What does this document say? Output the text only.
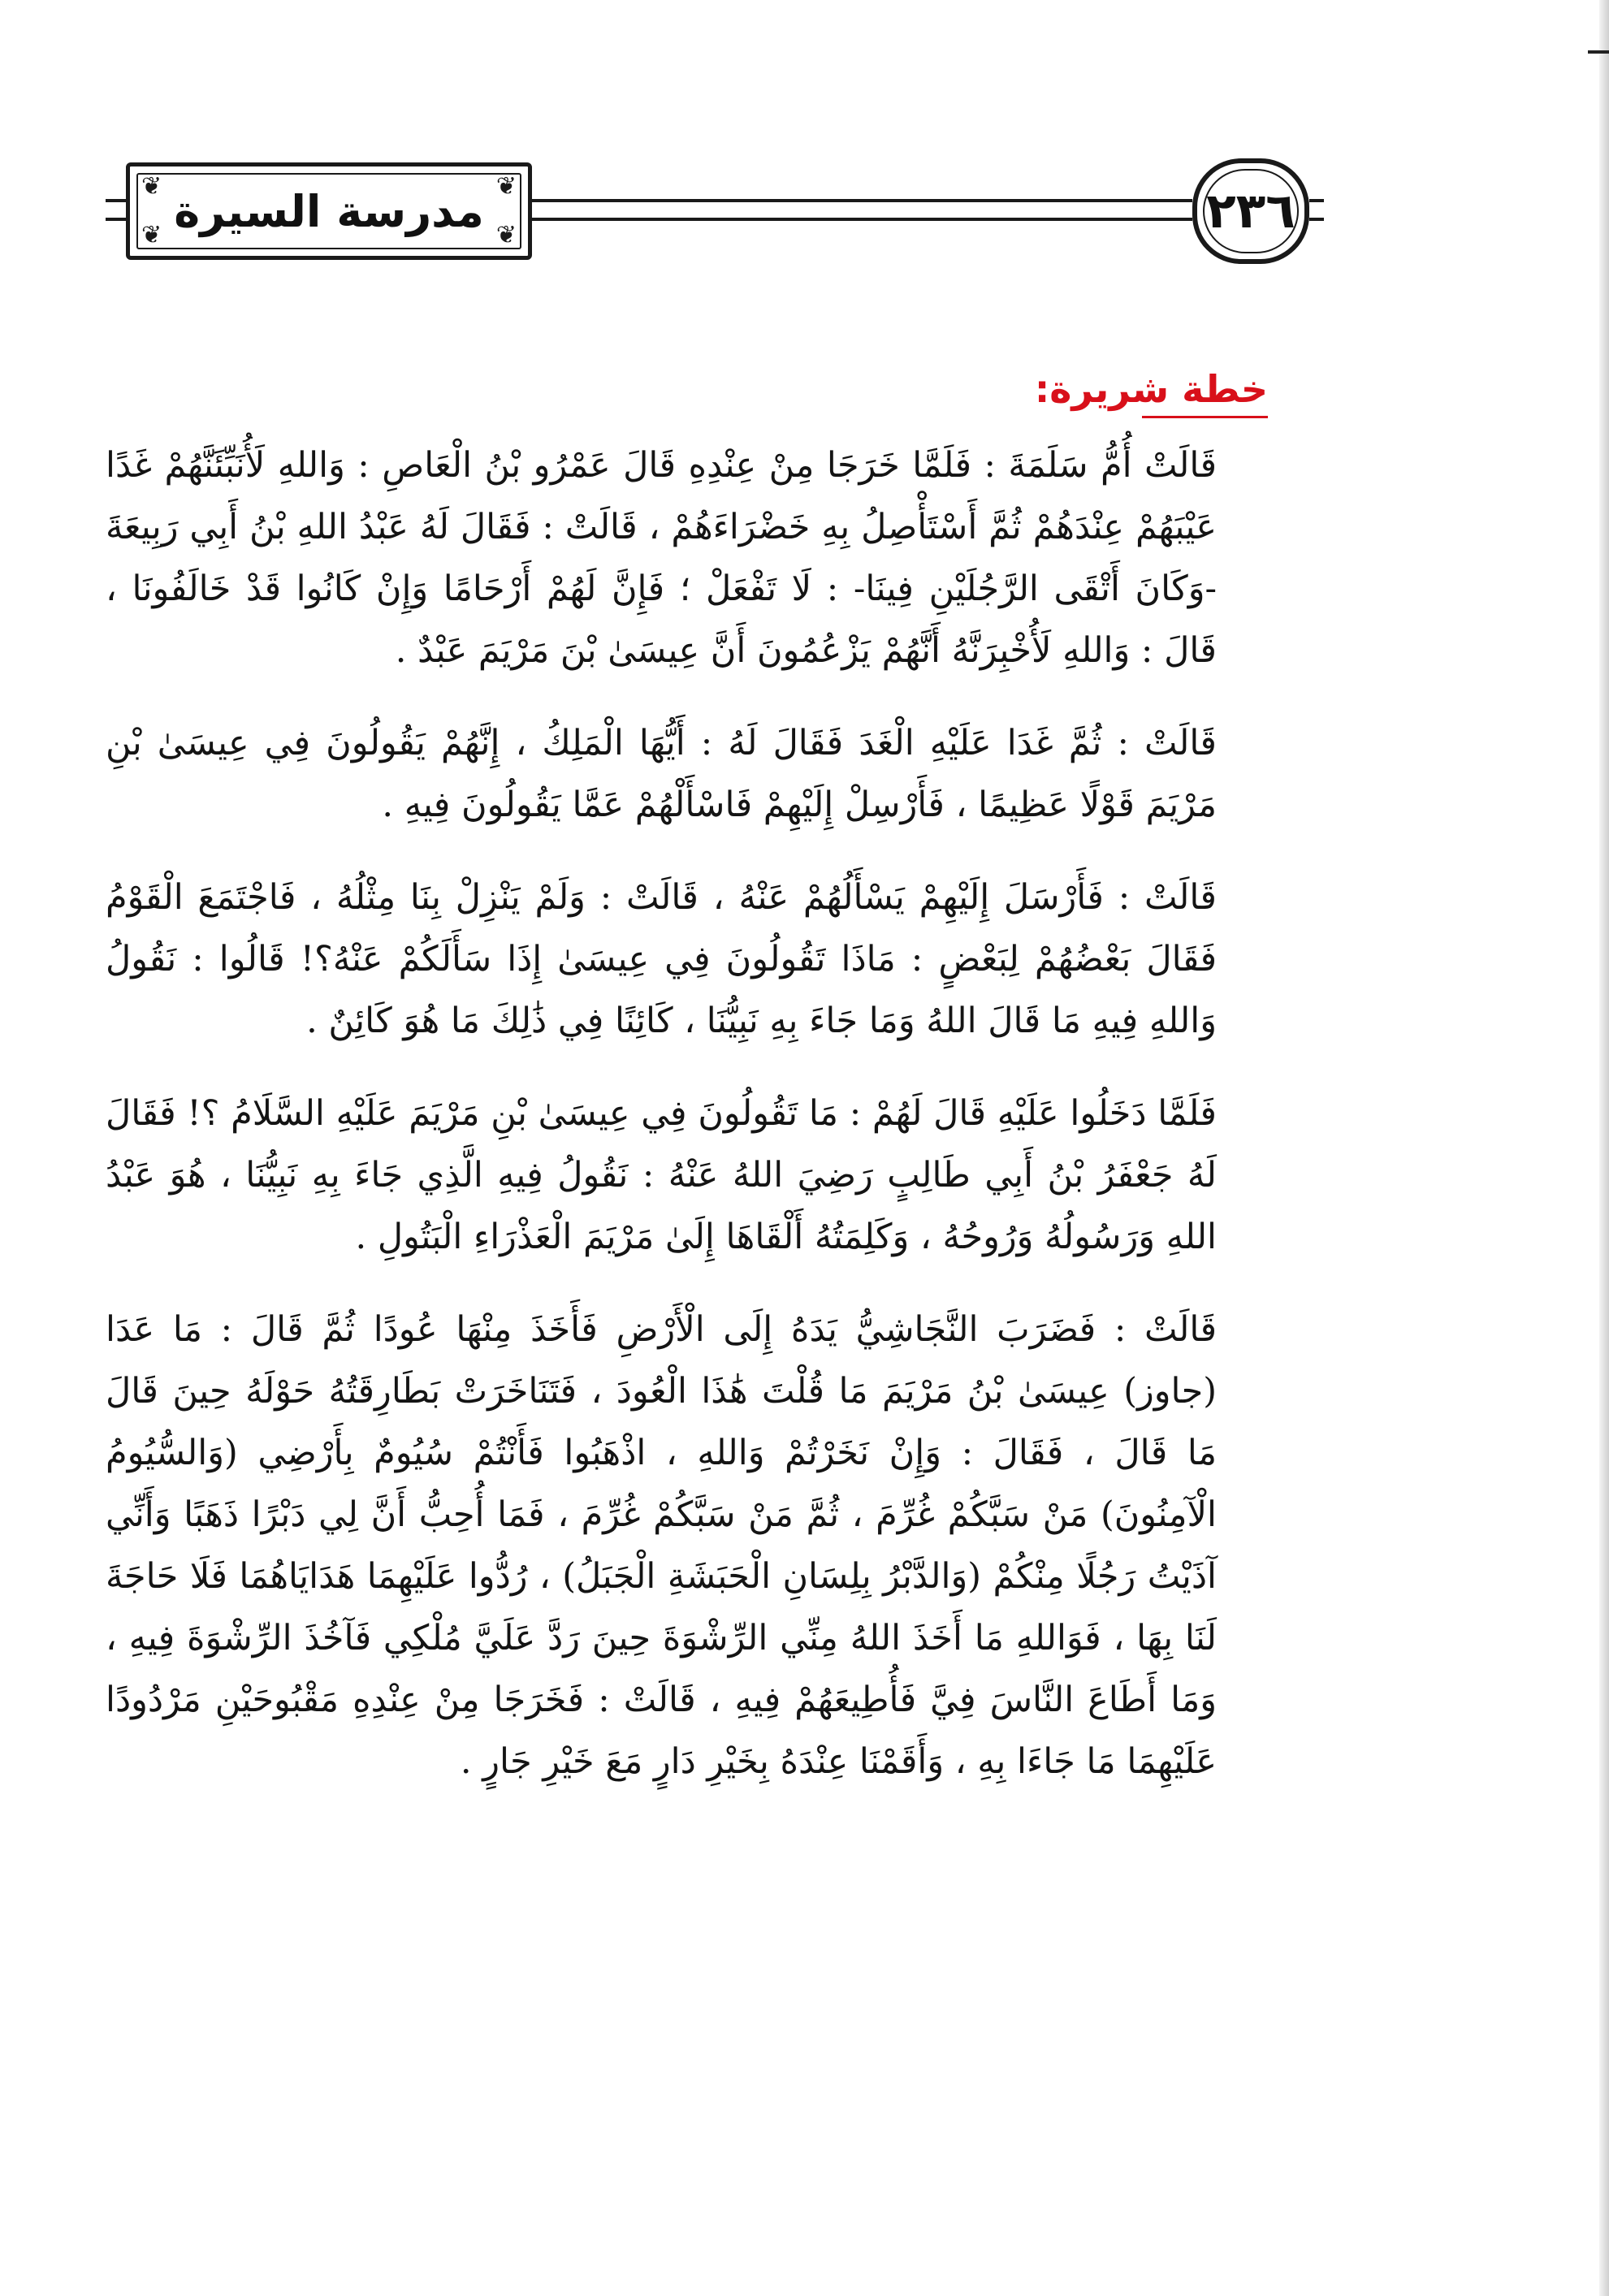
❦	❦
❦	❦
مدرسة السيرة	٢٣٦
خطة شريرة:

قَالَتْ أُمُّ سَلَمَةَ : فَلَمَّا خَرَجَا مِنْ عِنْدِهِ قَالَ عَمْرُو بْنُ الْعَاصِ : وَاللهِ لَأُنَبِّئَنَّهُمْ غَدًا عَيْبَهُمْ عِنْدَهُمْ ثُمَّ أَسْتَأْصِلُ بِهِ خَضْرَاءَهُمْ ، قَالَتْ : فَقَالَ لَهُ عَبْدُ اللهِ بْنُ أَبِي رَبِيعَةَ -وَكَانَ أَتْقَى الرَّجُلَيْنِ فِينَا- : لَا تَفْعَلْ ؛ فَإِنَّ لَهُمْ أَرْحَامًا وَإِنْ كَانُوا قَدْ خَالَفُونَا ، قَالَ : وَاللهِ لَأُخْبِرَنَّهُ أَنَّهُمْ يَزْعُمُونَ أَنَّ عِيسَىٰ بْنَ مَرْيَمَ عَبْدٌ .

قَالَتْ : ثُمَّ غَدَا عَلَيْهِ الْغَدَ فَقَالَ لَهُ : أَيُّهَا الْمَلِكُ ، إِنَّهُمْ يَقُولُونَ فِي عِيسَىٰ بْنِ مَرْيَمَ قَوْلًا عَظِيمًا ، فَأَرْسِلْ إِلَيْهِمْ فَاسْأَلْهُمْ عَمَّا يَقُولُونَ فِيهِ .

قَالَتْ : فَأَرْسَلَ إِلَيْهِمْ يَسْأَلُهُمْ عَنْهُ ، قَالَتْ : وَلَمْ يَنْزِلْ بِنَا مِثْلُهُ ، فَاجْتَمَعَ الْقَوْمُ فَقَالَ بَعْضُهُمْ لِبَعْضٍ : مَاذَا تَقُولُونَ فِي عِيسَىٰ إِذَا سَأَلَكُمْ عَنْهُ؟! قَالُوا : نَقُولُ وَاللهِ فِيهِ مَا قَالَ اللهُ وَمَا جَاءَ بِهِ نَبِيُّنَا ، كَائِنًا فِي ذَٰلِكَ مَا هُوَ كَائِنٌ .

فَلَمَّا دَخَلُوا عَلَيْهِ قَالَ لَهُمْ : مَا تَقُولُونَ فِي عِيسَىٰ بْنِ مَرْيَمَ عَلَيْهِ السَّلَامُ ؟! فَقَالَ لَهُ جَعْفَرُ بْنُ أَبِي طَالِبٍ رَضِيَ اللهُ عَنْهُ : نَقُولُ فِيهِ الَّذِي جَاءَ بِهِ نَبِيُّنَا ، هُوَ عَبْدُ اللهِ وَرَسُولُهُ وَرُوحُهُ ، وَكَلِمَتُهُ أَلْقَاهَا إِلَىٰ مَرْيَمَ الْعَذْرَاءِ الْبَتُولِ .

قَالَتْ : فَضَرَبَ النَّجَاشِيُّ يَدَهُ إِلَى الْأَرْضِ فَأَخَذَ مِنْهَا عُودًا ثُمَّ قَالَ : مَا عَدَا (جاوز) عِيسَىٰ بْنُ مَرْيَمَ مَا قُلْتَ هَٰذَا الْعُودَ ، فَتَنَاخَرَتْ بَطَارِقَتُهُ حَوْلَهُ حِينَ قَالَ مَا قَالَ ، فَقَالَ : وَإِنْ نَخَرْتُمْ وَاللهِ ، اذْهَبُوا فَأَنْتُمْ سُيُومٌ بِأَرْضِي (وَالسُّيُومُ الْآمِنُونَ) مَنْ سَبَّكُمْ غُرِّمَ ، ثُمَّ مَنْ سَبَّكُمْ غُرِّمَ ، فَمَا أُحِبُّ أَنَّ لِي دَبْرًا ذَهَبًا وَأَنِّي آذَيْتُ رَجُلًا مِنْكُمْ (وَالدَّبْرُ بِلِسَانِ الْحَبَشَةِ الْجَبَلُ) ، رُدُّوا عَلَيْهِمَا هَدَايَاهُمَا فَلَا حَاجَةَ لَنَا بِهَا ، فَوَاللهِ مَا أَخَذَ اللهُ مِنِّي الرِّشْوَةَ حِينَ رَدَّ عَلَيَّ مُلْكِي فَآخُذَ الرِّشْوَةَ فِيهِ ، وَمَا أَطَاعَ النَّاسَ فِيَّ فَأُطِيعَهُمْ فِيهِ ، قَالَتْ : فَخَرَجَا مِنْ عِنْدِهِ مَقْبُوحَيْنِ مَرْدُودًا عَلَيْهِمَا مَا جَاءَا بِهِ ، وَأَقَمْنَا عِنْدَهُ بِخَيْرِ دَارٍ مَعَ خَيْرِ جَارٍ .
